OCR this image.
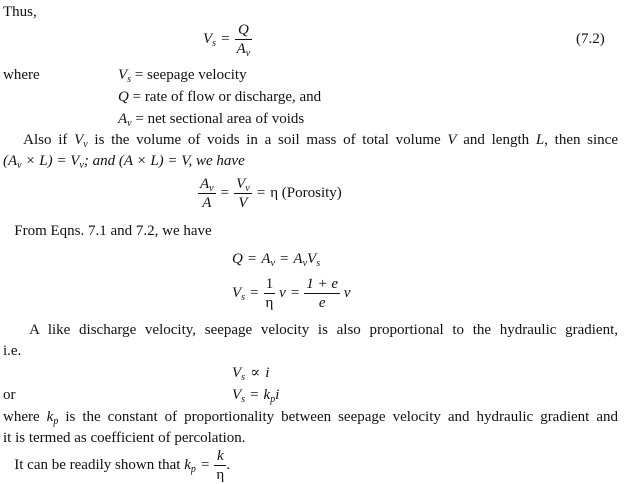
Thus,
$V_s = \frac{Q}{A_v}$	(7.2)
where	$V_s$ = seepage velocity
Q = rate of flow or discharge, and
$A_v$ = net sectional area of voids
Also if $V_v$ is the volume of voids in a soil mass of total volume V and length L, then since
$(A_v \times L) = V_v$; and (A × L) = V, we have
$\frac{A_v}{A} = \frac{V_v}{V} = \eta$ (Porosity)
From Eqns. 7.1 and 7.2, we have
$Q = A_v = A_vV_s$
$V_s = \frac{1}{\eta}$ $v = \frac{1 + e}{e}$ v
A like discharge velocity, seepage velocity is also proportional to the hydraulic gradient,
i.e.
$V_s \propto i$
or	$V_s = k_pi$
where $k_p$ is the constant of proportionality between seepage velocity and hydraulic gradient and
it is termed as coefficient of percolation.
It can be readily shown that $k_p = \frac{k}{\eta}$ .
